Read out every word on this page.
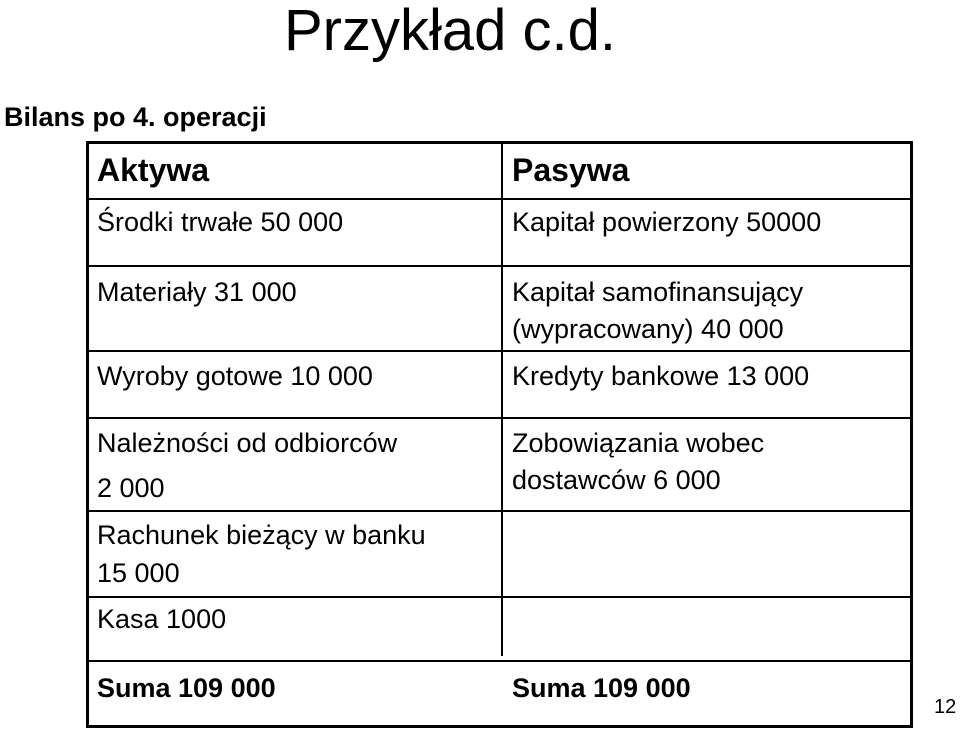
Przykład c.d.
Bilans po 4. operacji
Aktywa	Pasywa
Środki trwałe 50 000
Materiały 31 000
Wyroby gotowe 10 000
Należności od odbiorców
2 000
Rachunek bieżący w banku
15 000
Kasa 1000
Kapitał powierzony 50000
Kapitał samofinansujący
(wypracowany) 40 000
Kredyty bankowe 13 000
Zobowiązania wobec
dostawców 6 000
Suma 109 000	Suma 109 000
12
